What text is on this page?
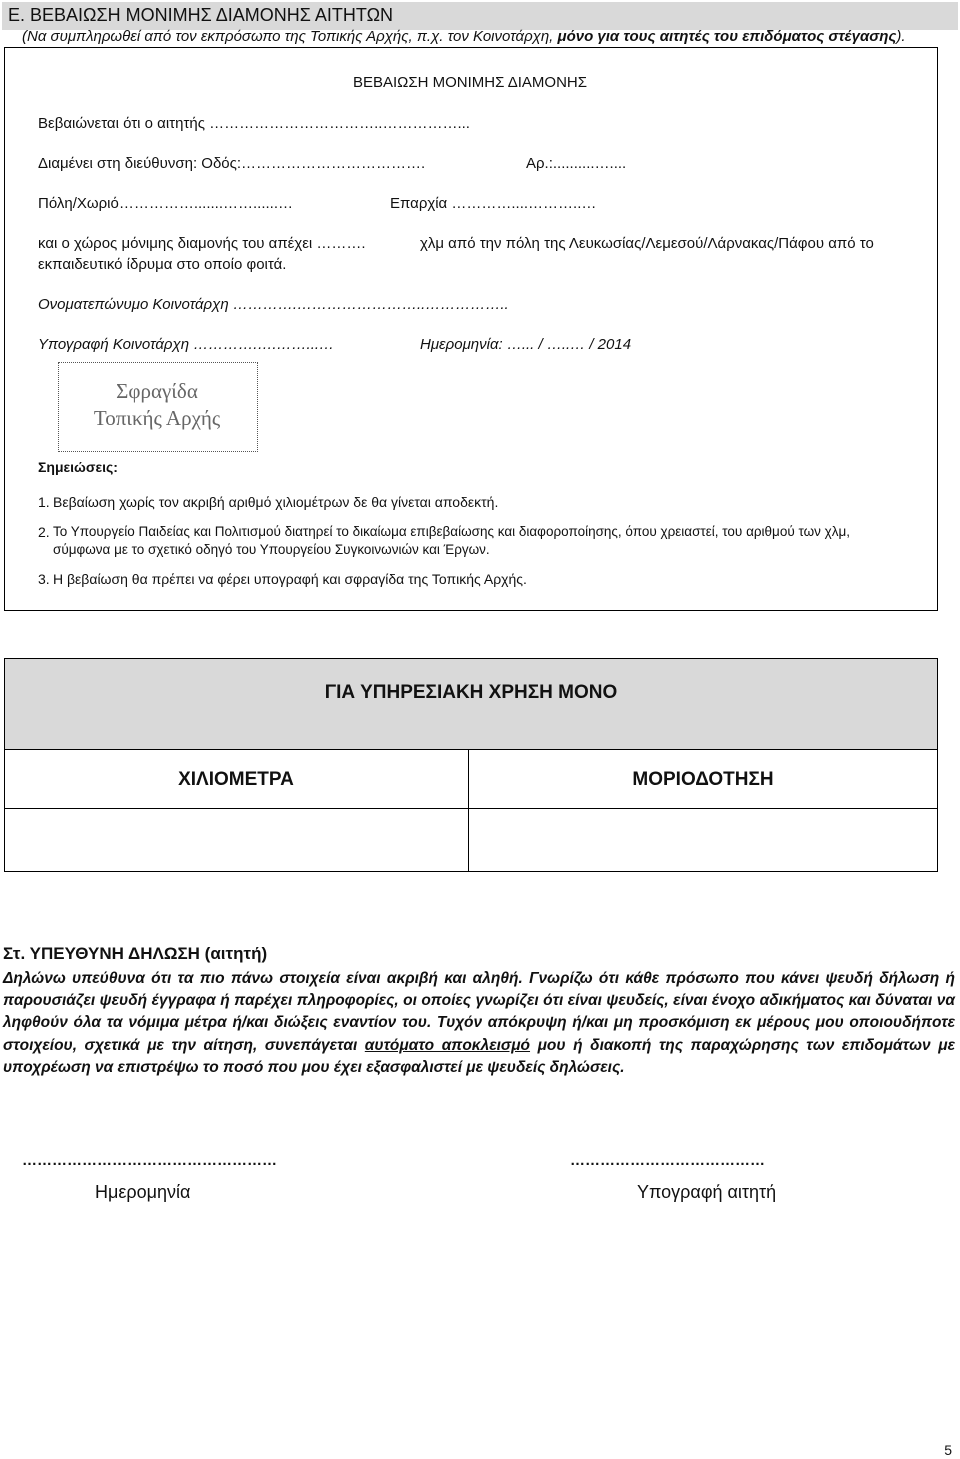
Ε. ΒΕΒΑΙΩΣΗ ΜΟΝΙΜΗΣ ΔΙΑΜΟΝΗΣ ΑΙΤΗΤΩΝ
(Να συμπληρωθεί από τον εκπρόσωπο της Τοπικής Αρχής, π.χ. τον Κοινοτάρχη, μόνο για τους αιτητές του επιδόματος στέγασης).
ΒΕΒΑΙΩΣΗ ΜΟΝΙΜΗΣ ΔΙΑΜΟΝΗΣ
Βεβαιώνεται ότι ο αιτητής ……………………………..……………...
Διαμένει στη διεύθυνση: Οδός:……………………………….	Αρ.:..........…....
Πόλη/Χωριό…………….......……......…	Επαρχία …………....………..…
και ο χώρος μόνιμης διαμονής του απέχει ……….	χλμ από την πόλη της Λευκωσίας/Λεμεσού/Λάρνακας/Πάφου από το
εκπαιδευτικό ίδρυμα στο οποίο φοιτά.
Ονοματεπώνυμο Κοινοτάρχη ………….……………………..……………..
Υπογραφή Κοινοτάρχη ………….….……...…	Ημερομηνία: …... / …..… / 2014
Σφραγίδα
Τοπικής Αρχής
Σημειώσεις:
1. Βεβαίωση χωρίς τον ακριβή αριθμό χιλιομέτρων δε θα γίνεται αποδεκτή.
2. Το Υπουργείο Παιδείας και Πολιτισμού διατηρεί το δικαίωμα επιβεβαίωσης και διαφοροποίησης, όπου χρειαστεί, του αριθμού των χλμ,
σύμφωνα με το σχετικό οδηγό του Υπουργείου Συγκοινωνιών και Έργων.
3. Η βεβαίωση θα πρέπει να φέρει υπογραφή και σφραγίδα της Τοπικής Αρχής.
ΓΙΑ ΥΠΗΡΕΣΙΑΚΗ ΧΡΗΣΗ ΜΟΝΟ
ΧΙΛΙΟΜΕΤΡΑ	ΜΟΡΙΟΔΟΤΗΣΗ
Στ. ΥΠΕΥΘΥΝΗ ΔΗΛΩΣΗ (αιτητή)
Δηλώνω υπεύθυνα ότι τα πιο πάνω στοιχεία είναι ακριβή και αληθή. Γνωρίζω ότι κάθε πρόσωπο που κάνει ψευδή δήλωση ή παρουσιάζει ψευδή έγγραφα ή παρέχει πληροφορίες, οι οποίες γνωρίζει ότι είναι ψευδείς, είναι ένοχο αδικήματος και δύναται να ληφθούν όλα τα νόμιμα μέτρα ή/και διώξεις εναντίον του. Τυχόν απόκρυψη ή/και μη προσκόμιση εκ μέρους μου οποιουδήποτε στοιχείου, σχετικά με την αίτηση, συνεπάγεται αυτόματο αποκλεισμό μου ή διακοπή της παραχώρησης των επιδομάτων με υποχρέωση να επιστρέψω το ποσό που μου έχει εξασφαλιστεί με ψευδείς δηλώσεις.
……………………………………………	…………………………………
Ημερομηνία	Υπογραφή αιτητή
5
